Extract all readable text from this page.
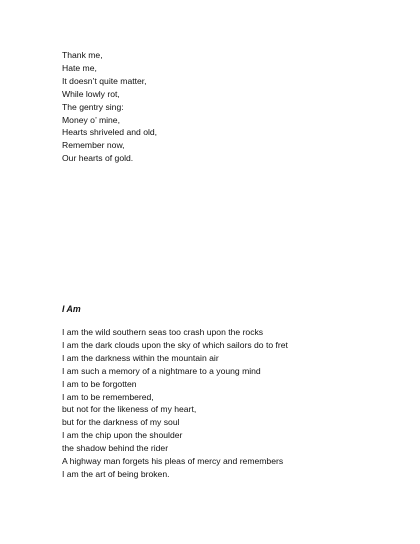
Thank me,
Hate me,
It doesn’t quite matter,
While lowly rot,
The gentry sing:
Money o’ mine,
Hearts shriveled and old,
Remember now,
Our hearts of gold.
I Am
I am the wild southern seas too crash upon the rocks
I am the dark clouds upon the sky of which sailors do to fret
I am the darkness within the mountain air
I am such a memory of a nightmare to a young mind
I am to be forgotten
I am to be remembered,
but not for the likeness of my heart,
but for the darkness of my soul
I am the chip upon the shoulder
the shadow behind the rider
A highway man forgets his pleas of mercy and remembers
I am the art of being broken.
